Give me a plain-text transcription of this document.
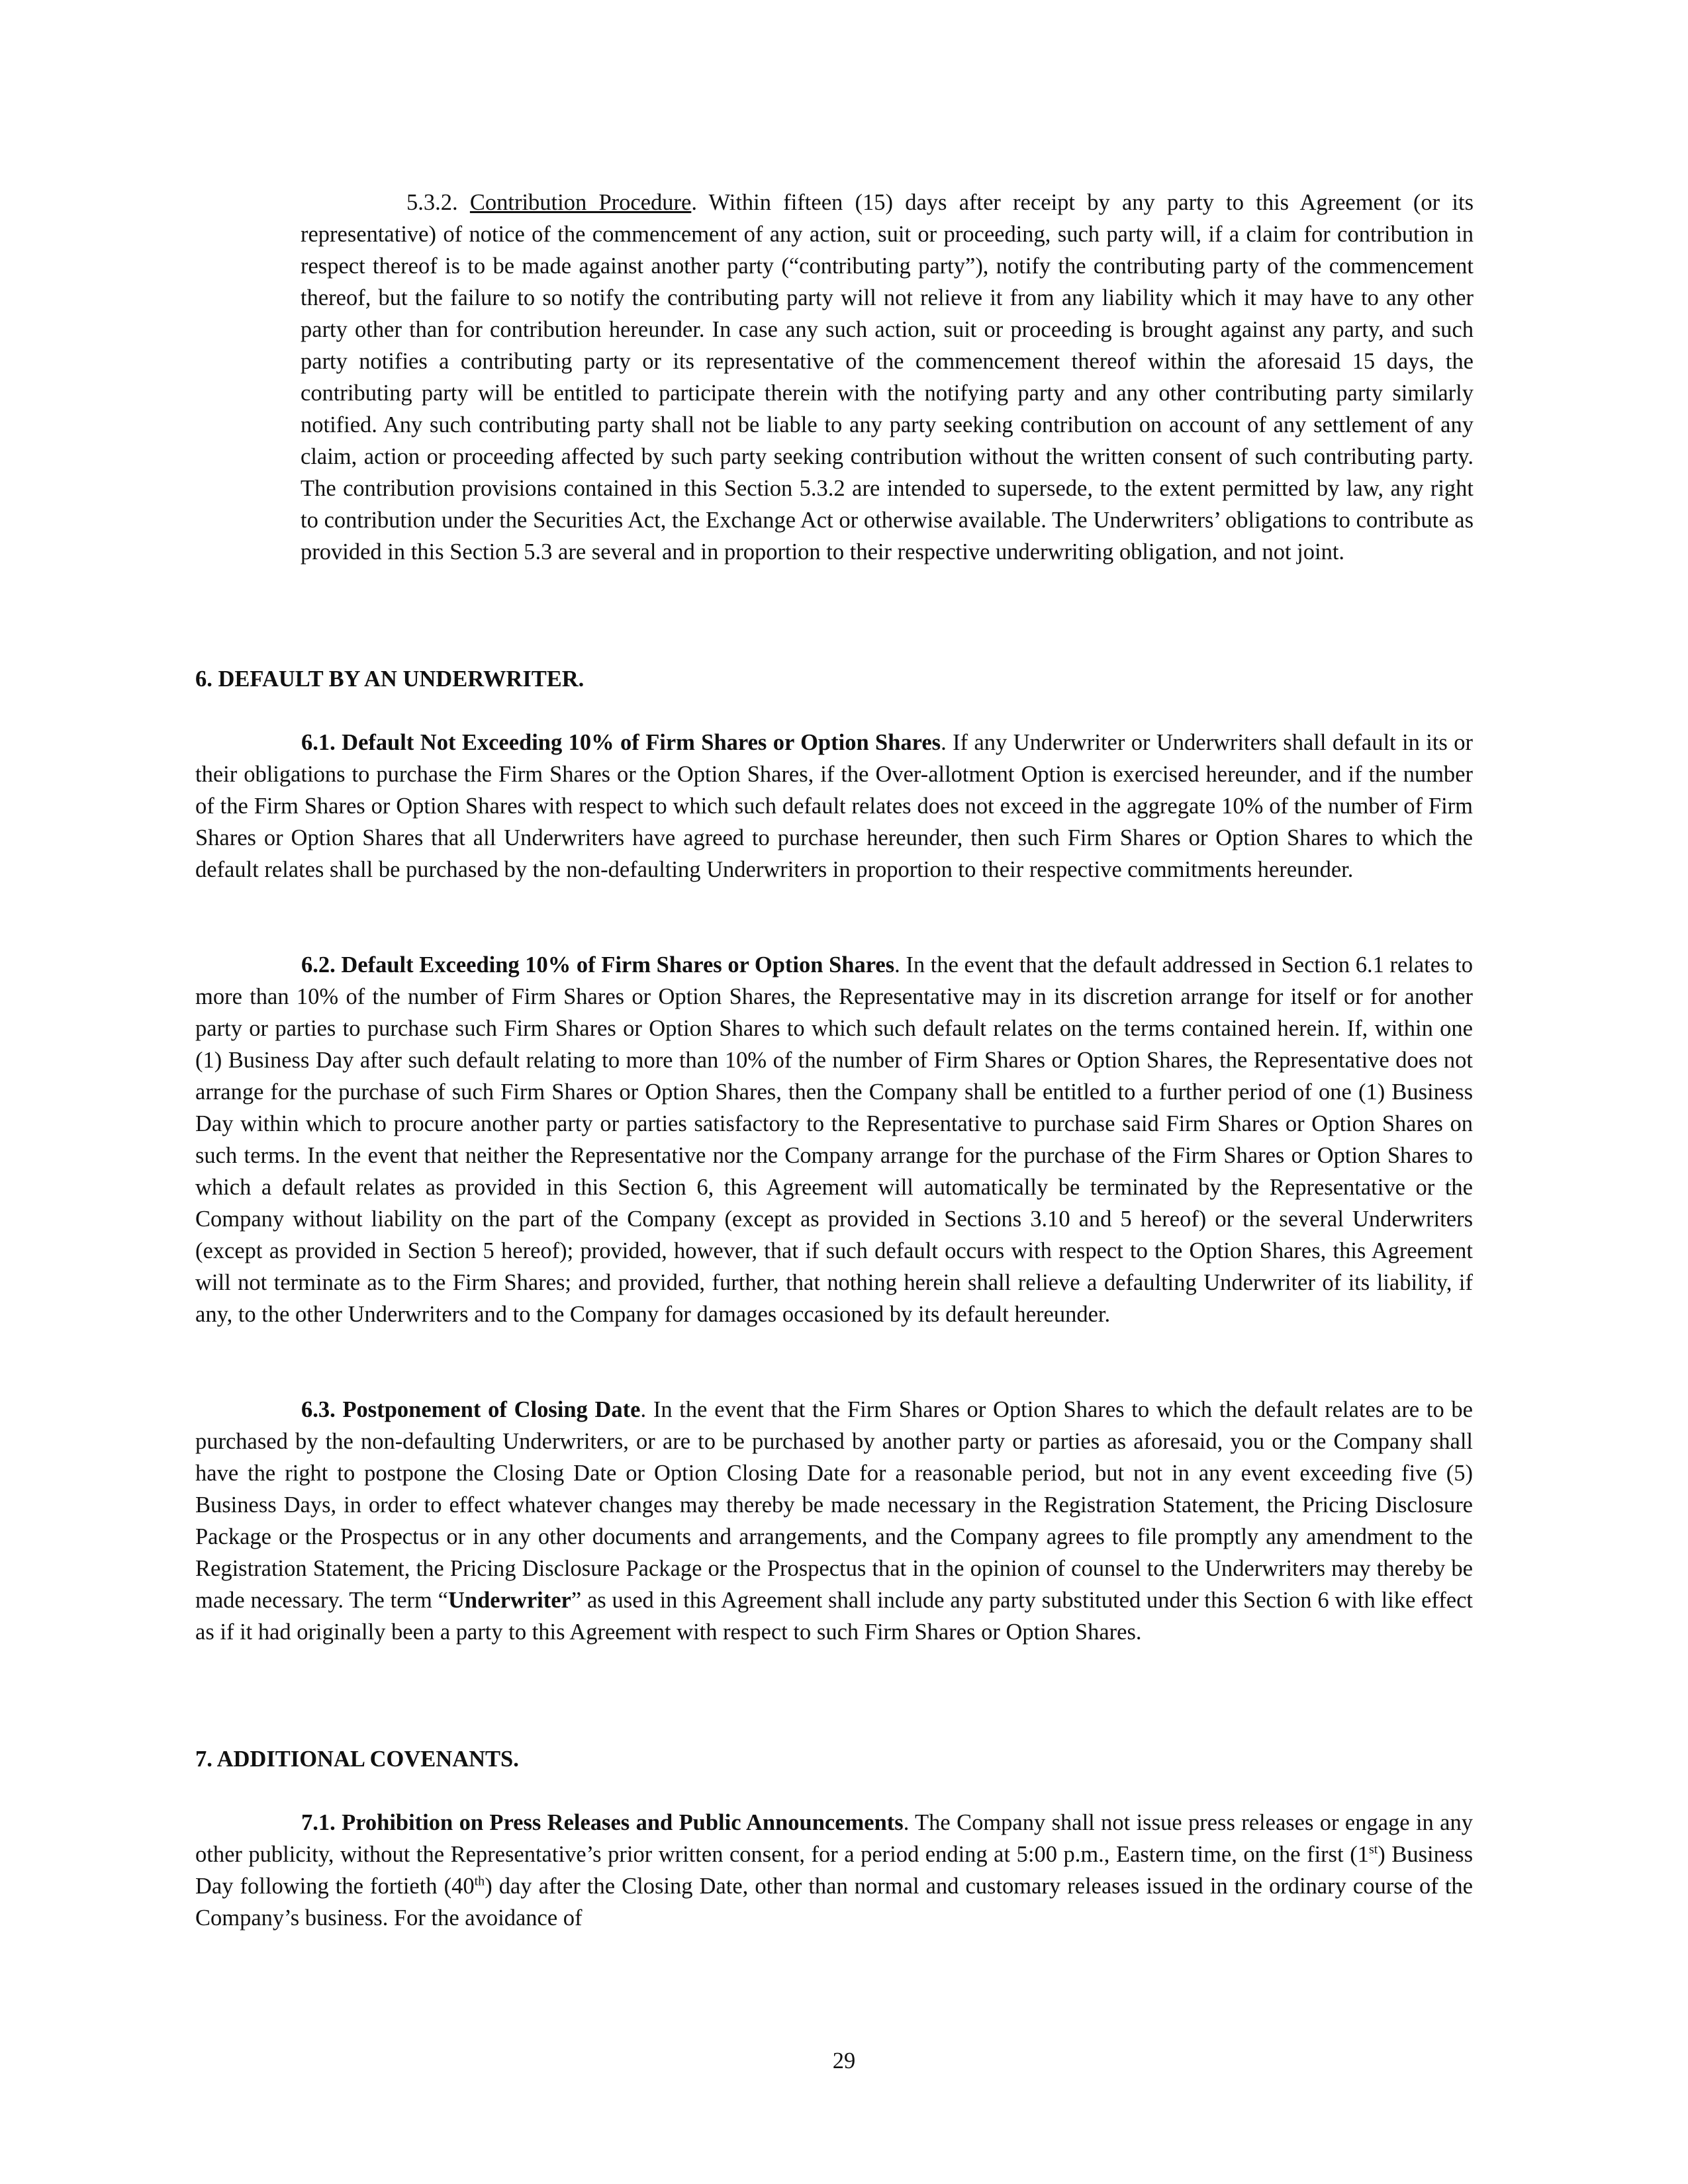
5.3.2. Contribution Procedure. Within fifteen (15) days after receipt by any party to this Agreement (or its representative) of notice of the commencement of any action, suit or proceeding, such party will, if a claim for contribution in respect thereof is to be made against another party (“contributing party”), notify the contributing party of the commencement thereof, but the failure to so notify the contributing party will not relieve it from any liability which it may have to any other party other than for contribution hereunder. In case any such action, suit or proceeding is brought against any party, and such party notifies a contributing party or its representative of the commencement thereof within the aforesaid 15 days, the contributing party will be entitled to participate therein with the notifying party and any other contributing party similarly notified. Any such contributing party shall not be liable to any party seeking contribution on account of any settlement of any claim, action or proceeding affected by such party seeking contribution without the written consent of such contributing party. The contribution provisions contained in this Section 5.3.2 are intended to supersede, to the extent permitted by law, any right to contribution under the Securities Act, the Exchange Act or otherwise available. The Underwriters’ obligations to contribute as provided in this Section 5.3 are several and in proportion to their respective underwriting obligation, and not joint.

6. DEFAULT BY AN UNDERWRITER.

6.1. Default Not Exceeding 10% of Firm Shares or Option Shares. If any Underwriter or Underwriters shall default in its or their obligations to purchase the Firm Shares or the Option Shares, if the Over-allotment Option is exercised hereunder, and if the number of the Firm Shares or Option Shares with respect to which such default relates does not exceed in the aggregate 10% of the number of Firm Shares or Option Shares that all Underwriters have agreed to purchase hereunder, then such Firm Shares or Option Shares to which the default relates shall be purchased by the non-defaulting Underwriters in proportion to their respective commitments hereunder.

6.2. Default Exceeding 10% of Firm Shares or Option Shares. In the event that the default addressed in Section 6.1 relates to more than 10% of the number of Firm Shares or Option Shares, the Representative may in its discretion arrange for itself or for another party or parties to purchase such Firm Shares or Option Shares to which such default relates on the terms contained herein. If, within one (1) Business Day after such default relating to more than 10% of the number of Firm Shares or Option Shares, the Representative does not arrange for the purchase of such Firm Shares or Option Shares, then the Company shall be entitled to a further period of one (1) Business Day within which to procure another party or parties satisfactory to the Representative to purchase said Firm Shares or Option Shares on such terms. In the event that neither the Representative nor the Company arrange for the purchase of the Firm Shares or Option Shares to which a default relates as provided in this Section 6, this Agreement will automatically be terminated by the Representative or the Company without liability on the part of the Company (except as provided in Sections 3.10 and 5 hereof) or the several Underwriters (except as provided in Section 5 hereof); provided, however, that if such default occurs with respect to the Option Shares, this Agreement will not terminate as to the Firm Shares; and provided, further, that nothing herein shall relieve a defaulting Underwriter of its liability, if any, to the other Underwriters and to the Company for damages occasioned by its default hereunder.

6.3. Postponement of Closing Date. In the event that the Firm Shares or Option Shares to which the default relates are to be purchased by the non-defaulting Underwriters, or are to be purchased by another party or parties as aforesaid, you or the Company shall have the right to postpone the Closing Date or Option Closing Date for a reasonable period, but not in any event exceeding five (5) Business Days, in order to effect whatever changes may thereby be made necessary in the Registration Statement, the Pricing Disclosure Package or the Prospectus or in any other documents and arrangements, and the Company agrees to file promptly any amendment to the Registration Statement, the Pricing Disclosure Package or the Prospectus that in the opinion of counsel to the Underwriters may thereby be made necessary. The term “Underwriter” as used in this Agreement shall include any party substituted under this Section 6 with like effect as if it had originally been a party to this Agreement with respect to such Firm Shares or Option Shares.

7. ADDITIONAL COVENANTS.

7.1. Prohibition on Press Releases and Public Announcements. The Company shall not issue press releases or engage in any other publicity, without the Representative’s prior written consent, for a period ending at 5:00 p.m., Eastern time, on the first (1st) Business Day following the fortieth (40th) day after the Closing Date, other than normal and customary releases issued in the ordinary course of the Company’s business. For the avoidance of

29
